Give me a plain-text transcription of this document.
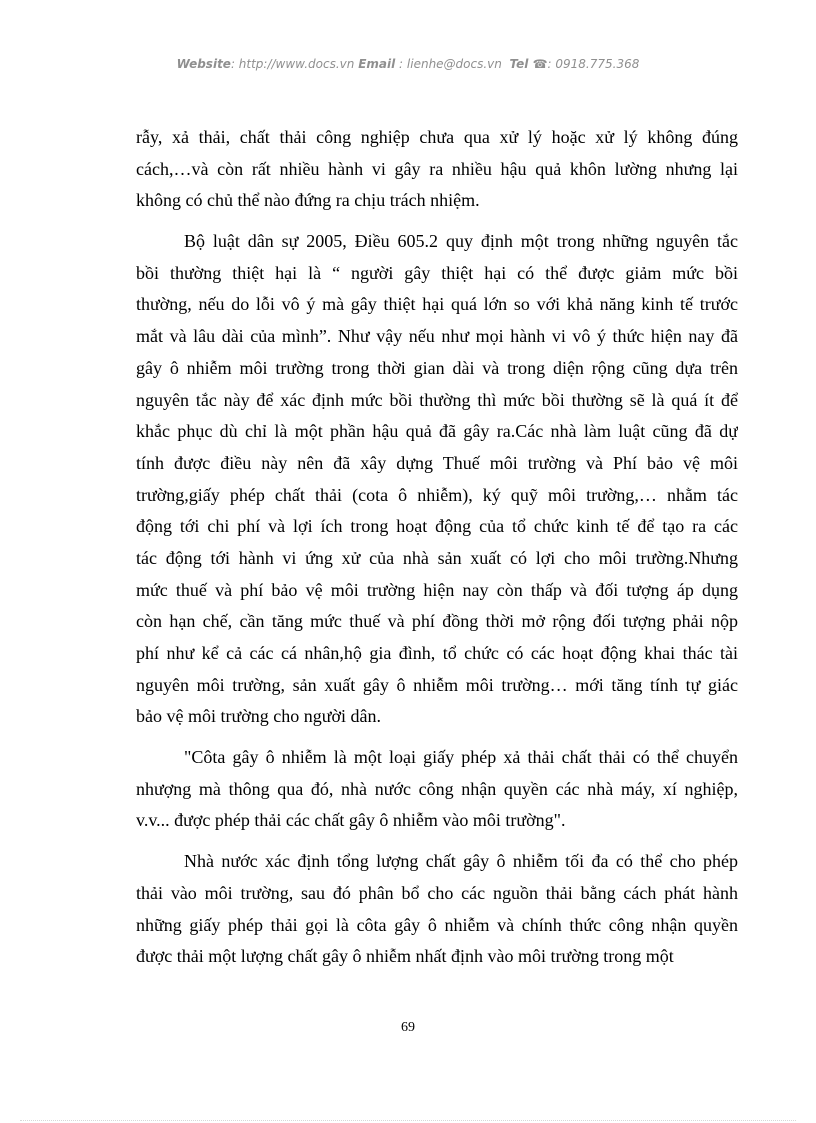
Website: http://www.docs.vn Email : lienhe@docs.vn  Tel ☎: 0918.775.368
rẫy, xả thải, chất thải công nghiệp chưa qua xử lý hoặc xử lý không đúng
cách,…và còn rất nhiều hành vi gây ra nhiều hậu quả khôn lường nhưng lại
không có chủ thể nào đứng ra chịu trách nhiệm.
Bộ luật dân sự 2005, Điều 605.2 quy định một trong những nguyên tắc
bồi thường thiệt hại là “ người gây thiệt hại có thể được giảm mức bồi
thường, nếu do lỗi vô ý mà gây thiệt hại quá lớn so với khả năng kinh tế trước
mắt và lâu dài của mình”. Như vậy nếu như mọi hành vi vô ý thức hiện nay đã
gây ô nhiễm môi trường trong thời gian dài và trong diện rộng cũng dựa trên
nguyên tắc này để xác định mức bồi thường thì mức bồi thường sẽ là quá ít để
khắc phục dù chỉ là một phần hậu quả đã gây ra.Các nhà làm luật cũng đã dự
tính được điều này nên đã xây dựng Thuế môi trường và Phí bảo vệ môi
trường,giấy phép chất thải (cota ô nhiễm), ký quỹ môi trường,… nhằm tác
động tới chi phí và lợi ích trong hoạt động của tổ chức kinh tế để tạo ra các
tác động tới hành vi ứng xử của nhà sản xuất có lợi cho môi trường.Nhưng
mức thuế và phí bảo vệ môi trường hiện nay còn thấp và đối tượng áp dụng
còn hạn chế, cần tăng mức thuế và phí đồng thời mở rộng đối tượng phải nộp
phí như kể cả các cá nhân,hộ gia đình, tổ chức có các hoạt động khai thác tài
nguyên môi trường, sản xuất gây ô nhiễm môi trường… mới tăng tính tự giác
bảo vệ môi trường cho người dân.
"Côta gây ô nhiễm là một loại giấy phép xả thải chất thải có thể chuyển
nhượng mà thông qua đó, nhà nước công nhận quyền các nhà máy, xí nghiệp,
v.v... được phép thải các chất gây ô nhiễm vào môi trường".
Nhà nước xác định tổng lượng chất gây ô nhiễm tối đa có thể cho phép
thải vào môi trường, sau đó phân bổ cho các nguồn thải bằng cách phát hành
những giấy phép thải gọi là côta gây ô nhiễm và chính thức công nhận quyền
được thải một lượng chất gây ô nhiễm nhất định vào môi trường trong một
69
